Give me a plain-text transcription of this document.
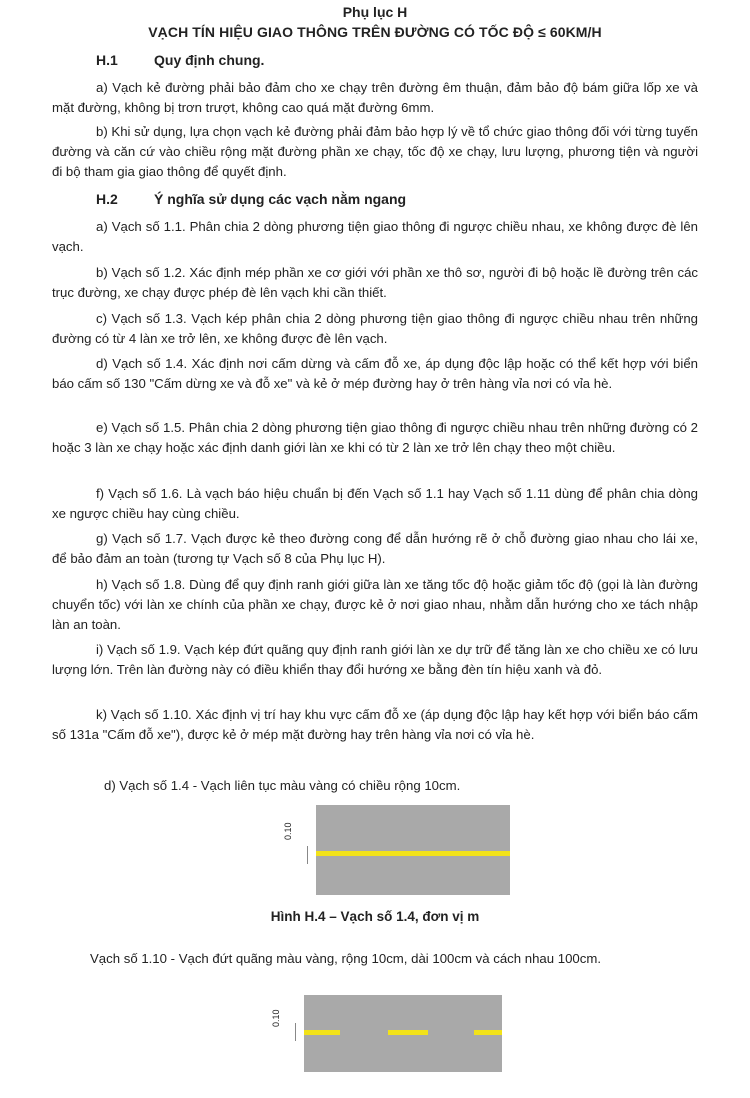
Phụ lục H
VẠCH TÍN HIỆU GIAO THÔNG TRÊN ĐƯỜNG CÓ TỐC ĐỘ ≤ 60KM/H
H.1	Quy định chung.
a) Vạch kẻ đường phải bảo đảm cho xe chạy trên đường êm thuận, đảm bảo độ bám giữa lốp xe và mặt đường, không bị trơn trượt, không cao quá mặt đường 6mm.
b) Khi sử dụng, lựa chọn vạch kẻ đường phải đảm bảo hợp lý về tổ chức giao thông đối với từng tuyến đường và căn cứ vào chiều rộng mặt đường phần xe chạy, tốc độ xe chạy, lưu lượng, phương tiện và người đi bộ tham gia giao thông để quyết định.
H.2	Ý nghĩa sử dụng các vạch nằm ngang
a) Vạch số 1.1. Phân chia 2 dòng phương tiện giao thông đi ngược chiều nhau, xe không được đè lên vạch.
b) Vạch số 1.2. Xác định mép phần xe cơ giới với phần xe thô sơ, người đi bộ hoặc lề đường trên các trục đường, xe chạy được phép đè lên vạch khi cần thiết.
c) Vạch số 1.3. Vạch kép phân chia 2 dòng phương tiện giao thông đi ngược chiều nhau trên những đường có từ 4 làn xe trở lên, xe không được đè lên vạch.
d) Vạch số 1.4. Xác định nơi cấm dừng và cấm đỗ xe, áp dụng độc lập hoặc có thể kết hợp với biển báo cấm số 130 "Cấm dừng xe và đỗ xe" và kẻ ở mép đường hay ở trên hàng vỉa nơi có vỉa hè.
e) Vạch số 1.5. Phân chia 2 dòng phương tiện giao thông đi ngược chiều nhau trên những đường có 2 hoặc 3 làn xe chạy hoặc xác định danh giới làn xe khi có từ 2 làn xe trở lên chạy theo một chiều.
f) Vạch số 1.6. Là vạch báo hiệu chuẩn bị đến Vạch số 1.1 hay Vạch số 1.11 dùng để phân chia dòng xe ngược chiều hay cùng chiều.
g) Vạch số 1.7. Vạch được kẻ theo đường cong để dẫn hướng rẽ ở chỗ đường giao nhau cho lái xe, để bảo đảm an toàn (tương tự Vạch số 8 của Phụ lục H).
h) Vạch số 1.8. Dùng để quy định ranh giới giữa làn xe tăng tốc độ hoặc giảm tốc độ (gọi là làn đường chuyển tốc) với làn xe chính của phần xe chạy, được kẻ ở nơi giao nhau, nhằm dẫn hướng cho xe tách nhập làn an toàn.
i) Vạch số 1.9. Vạch kép đứt quãng quy định ranh giới làn xe dự trữ để tăng làn xe cho chiều xe có lưu lượng lớn. Trên làn đường này có điều khiển thay đổi hướng xe bằng đèn tín hiệu xanh và đỏ.
k) Vạch số 1.10. Xác định vị trí hay khu vực cấm đỗ xe (áp dụng độc lập hay kết hợp với biển báo cấm số 131a "Cấm đỗ xe"), được kẻ ở mép mặt đường hay trên hàng vỉa nơi có vỉa hè.
d) Vạch số 1.4 - Vạch liên tục màu vàng có chiều rộng 10cm.
0.10
Hình H.4 – Vạch số 1.4, đơn vị m
Vạch số 1.10 - Vạch đứt quãng màu vàng, rộng 10cm, dài 100cm và cách nhau 100cm.
0.10
